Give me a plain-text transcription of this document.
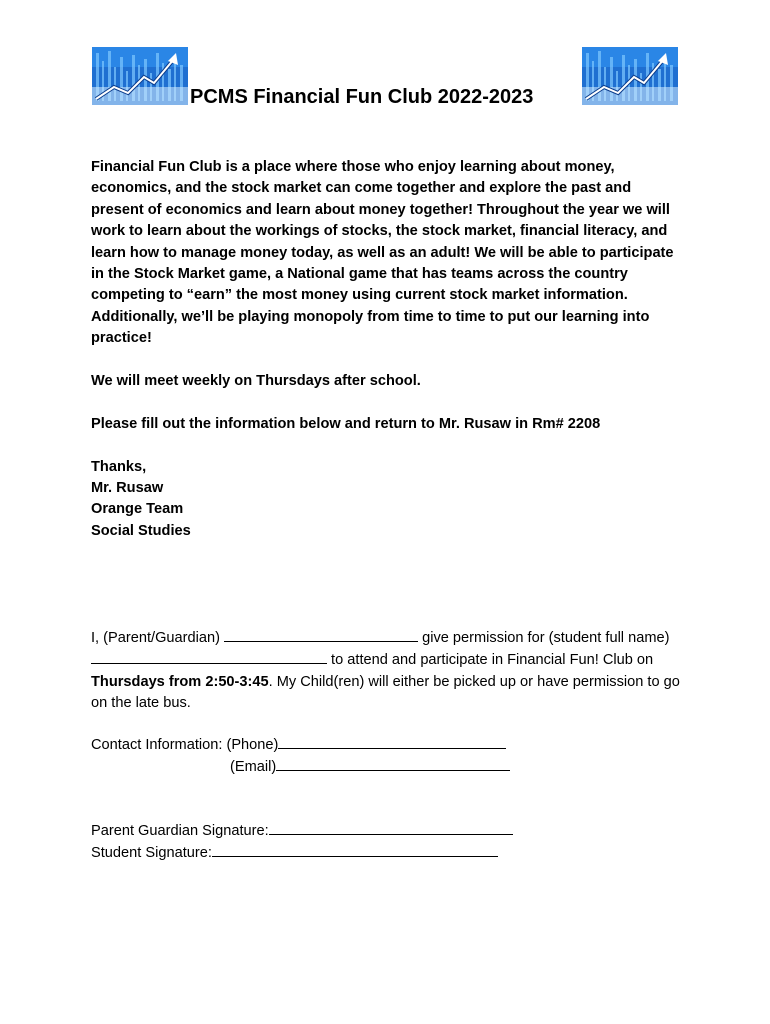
PCMS Financial Fun Club 2022-2023

Financial Fun Club is a place where those who enjoy learning about money, economics, and the stock market can come together and explore the past and present of economics and learn about money together! Throughout the year we will work to learn about the workings of stocks, the stock market, financial literacy, and learn how to manage money today, as well as an adult! We will be able to participate in the Stock Market game, a National game that has teams across the country competing to “earn” the most money using current stock market information. Additionally, we’ll be playing monopoly from time to time to put our learning into practice!

We will meet weekly on Thursdays after school.

Please fill out the information below and return to Mr. Rusaw in Rm# 2208

Thanks,

Mr. Rusaw

Orange Team

Social Studies

I, (Parent/Guardian)	give permission for (student full name)  to attend and participate in Financial Fun! Club on Thursdays from 2:50-3:45. My Child(ren) will either be picked up or have permission to go on the late bus.

Contact Information: (Phone)
(Email)
Parent Guardian Signature:
Student Signature:
